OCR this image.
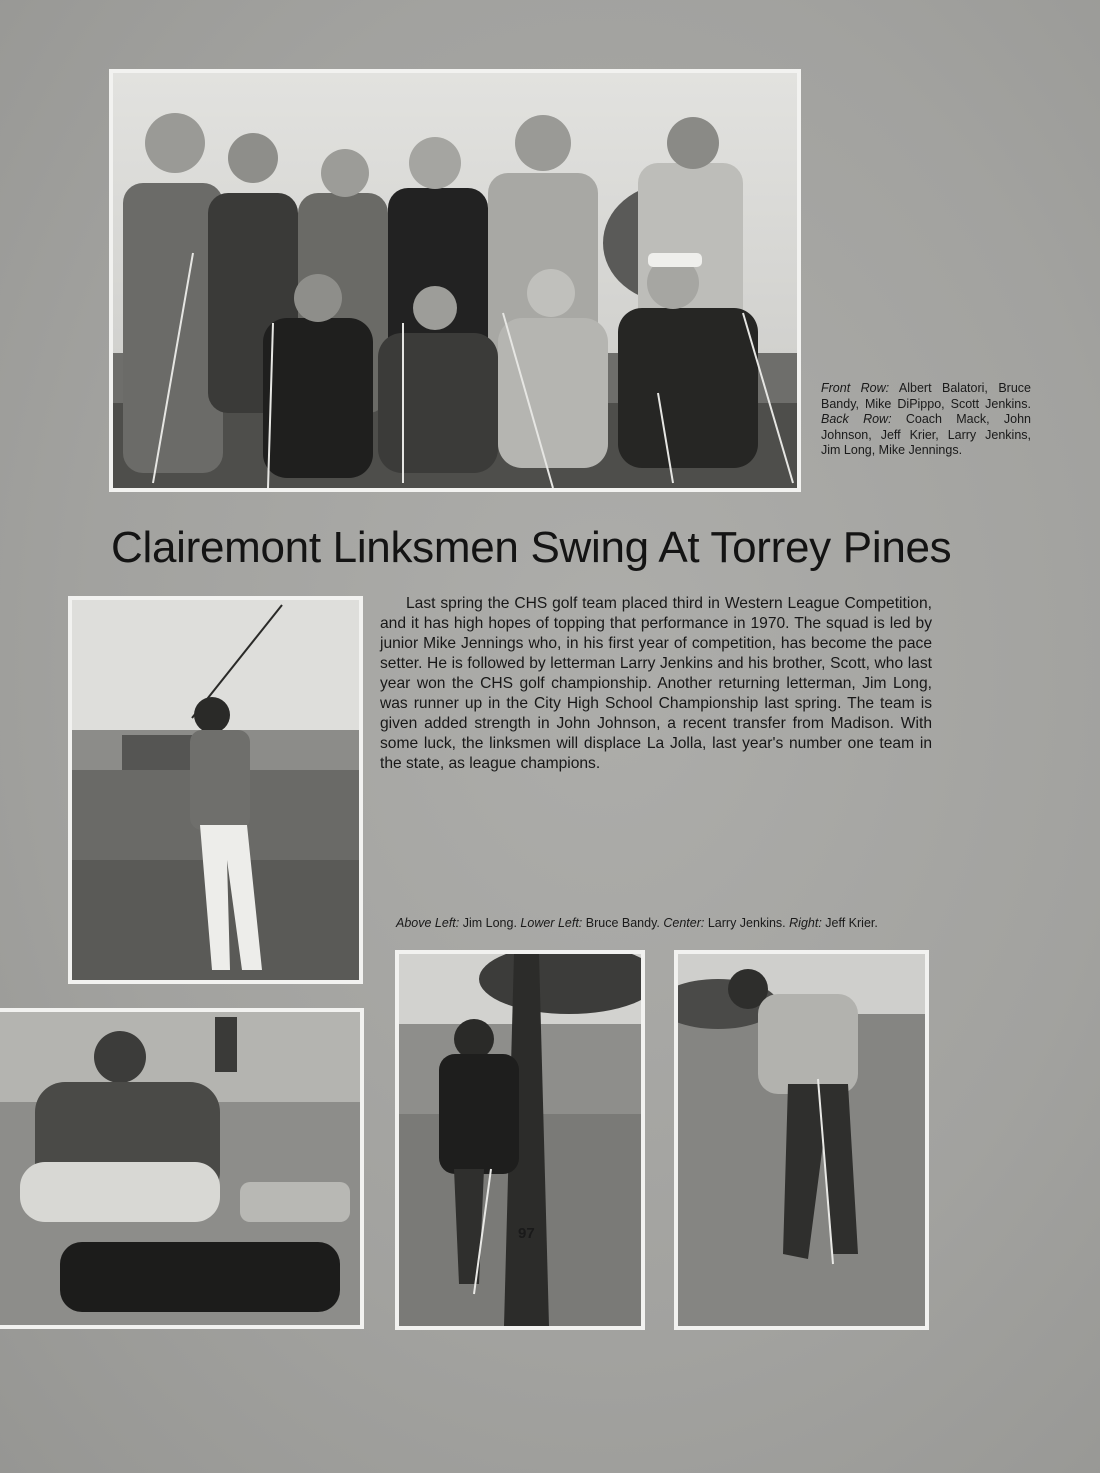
Front Row: Albert Balatori, Bruce Bandy, Mike DiPippo, Scott Jenkins. Back Row: Coach Mack, John Johnson, Jeff Krier, Larry Jenkins, Jim Long, Mike Jennings.
Clairemont Linksmen Swing At Torrey Pines

Last spring the CHS golf team placed third in Western League Competition, and it has high hopes of topping that performance in 1970. The squad is led by junior Mike Jennings who, in his first year of competition, has become the pace setter. He is followed by letterman Larry Jenkins and his brother, Scott, who last year won the CHS golf championship. Another returning letterman, Jim Long, was runner up in the City High School Championship last spring. The team is given added strength in John Johnson, a recent transfer from Madison. With some luck, the linksmen will displace La Jolla, last year's number one team in the state, as league champions.

Above Left: Jim Long. Lower Left: Bruce Bandy. Center: Larry Jenkins. Right: Jeff Krier.
97
